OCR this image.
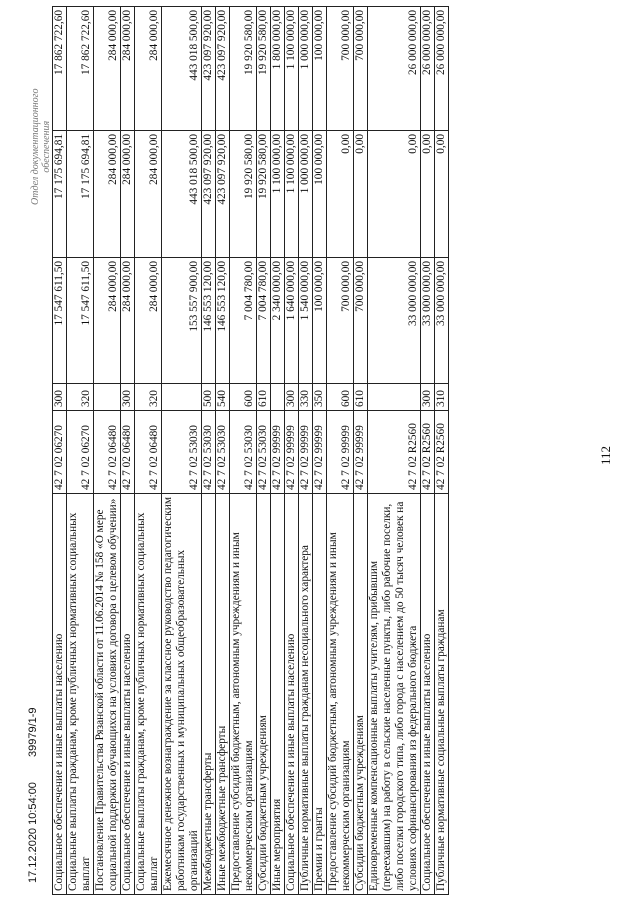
112
Социальное обеспечение и иные выплаты населению	42 7 02 06270	300	17 547 611,50	17 175 694,81	17 862 722,60
Социальные выплаты гражданам, кроме публичных нормативных социальных выплат	42 7 02 06270	320	17 547 611,50	17 175 694,81	17 862 722,60
Постановление Правительства Рязанской области от 11.06.2014 № 158 «О мере социальной поддержки обучающихся на условиях договора о целевом обучении»	42 7 02 06480		284 000,00	284 000,00	284 000,00
Социальное обеспечение и иные выплаты населению	42 7 02 06480	300	284 000,00	284 000,00	284 000,00
Социальные выплаты гражданам, кроме публичных нормативных социальных выплат	42 7 02 06480	320	284 000,00	284 000,00	284 000,00
Ежемесячное денежное вознаграждение за классное руководство педагогическим работникам государственных и муниципальных общеобразовательных организаций	42 7 02 53030		153 557 900,00	443 018 500,00	443 018 500,00
Межбюджетные трансферты	42 7 02 53030	500	146 553 120,00	423 097 920,00	423 097 920,00
Иные межбюджетные трансферты	42 7 02 53030	540	146 553 120,00	423 097 920,00	423 097 920,00
Предоставление субсидий бюджетным, автономным учреждениям и иным некоммерческим организациям	42 7 02 53030	600	7 004 780,00	19 920 580,00	19 920 580,00
Субсидии бюджетным учреждениям	42 7 02 53030	610	7 004 780,00	19 920 580,00	19 920 580,00
Иные мероприятия	42 7 02 99999		2 340 000,00	1 100 000,00	1 800 000,00
Социальное обеспечение и иные выплаты населению	42 7 02 99999	300	1 640 000,00	1 100 000,00	1 100 000,00
Публичные нормативные выплаты гражданам несоциального характера	42 7 02 99999	330	1 540 000,00	1 000 000,00	1 000 000,00
Премии и гранты	42 7 02 99999	350	100 000,00	100 000,00	100 000,00
Предоставление субсидий бюджетным, автономным учреждениям и иным некоммерческим организациям	42 7 02 99999	600	700 000,00	0,00	700 000,00
Субсидии бюджетным учреждениям	42 7 02 99999	610	700 000,00	0,00	700 000,00
Единовременные компенсационные выплаты учителям, прибывшим (переехавшим) на работу в сельские населенные пункты, либо рабочие поселки, либо поселки городского типа, либо города с населением до 50 тысяч человек на условиях софинансирования из федерального бюджета	42 7 02 R2560		33 000 000,00	0,00	26 000 000,00
Социальное обеспечение и иные выплаты населению	42 7 02 R2560	300	33 000 000,00	0,00	26 000 000,00
Публичные нормативные социальные выплаты гражданам	42 7 02 R2560	310	33 000 000,00	0,00	26 000 000,00
17.12.2020 10:54:00 39979/1-9
Отдел документационного обеспечения
